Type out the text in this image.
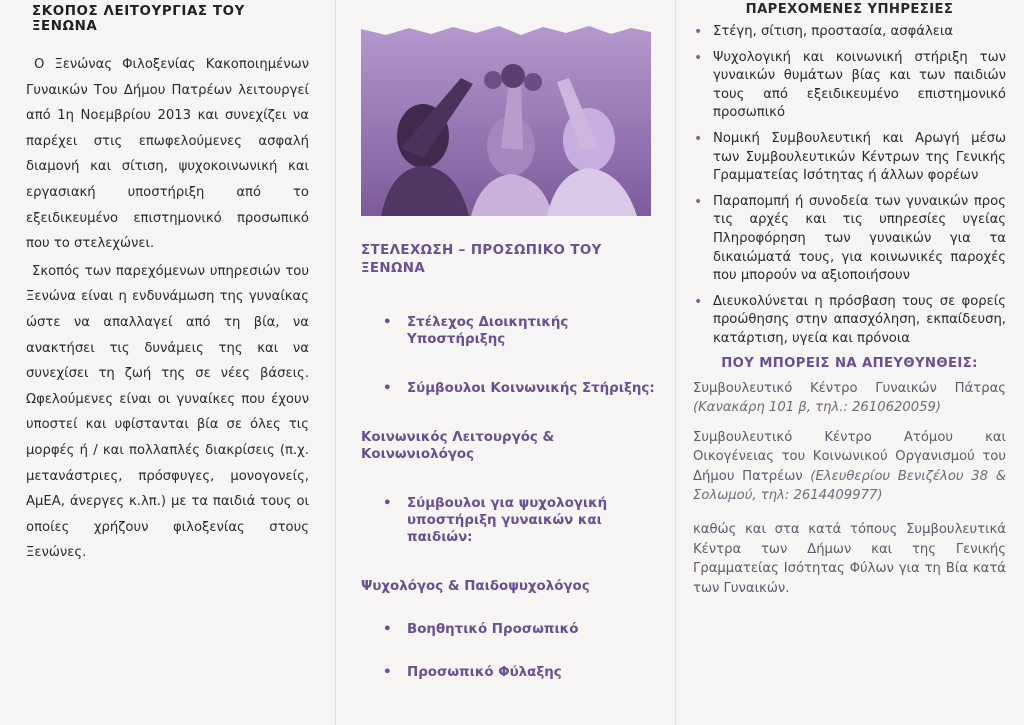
ΣΚΟΠΟΣ ΛΕΙΤΟΥΡΓΙΑΣ ΤΟΥ ΞΕΝΩΝΑ

Ο Ξενώνας Φιλοξενίας Κακοποιημένων Γυναικών Του Δήμου Πατρέων λειτουργεί από 1η Νοεμβρίου 2013 και συνεχίζει να παρέχει στις επωφελούμενες ασφαλή διαμονή και σίτιση, ψυχοκοινωνική και εργασιακή υποστήριξη από το εξειδικευμένο επιστημονικό προσωπικό που το στελεχώνει.

Σκοπός των παρεχόμενων υπηρεσιών του Ξενώνα είναι η ενδυνάμωση της γυναίκας ώστε να απαλλαγεί από τη βία, να ανακτήσει τις δυνάμεις της και να συνεχίσει τη ζωή της σε νέες βάσεις. Ωφελούμενες είναι οι γυναίκες που έχουν υποστεί και υφίστανται βία σε όλες τις μορφές ή / και πολλαπλές διακρίσεις (π.χ. μετανάστριες, πρόσφυγες, μονογονείς, ΑμΕΑ, άνεργες κ.λπ.) με τα παιδιά τους οι οποίες χρήζουν φιλοξενίας στους Ξενώνες.

ΣΤΕΛΕΧΩΣΗ – ΠΡΟΣΩΠΙΚΟ ΤΟΥ ΞΕΝΩΝΑ
• Στέλεχος Διοικητικής Υποστήριξης
• Σύμβουλοι Κοινωνικής Στήριξης:
Κοινωνικός Λειτουργός & Κοινωνιολόγος
• Σύμβουλοι για ψυχολογική υποστήριξη γυναικών και παιδιών:
Ψυχολόγος & Παιδοψυχολόγος
• Βοηθητικό Προσωπικό
• Προσωπικό Φύλαξης
ΠΑΡΕΧΟΜΕΝΕΣ ΥΠΗΡΕΣΙΕΣ
• Στέγη, σίτιση, προστασία, ασφάλεια
• Ψυχολογική και κοινωνική στήριξη των γυναικών θυμάτων βίας και των παιδιών τους από εξειδικευμένο επιστημονικό προσωπικό
• Νομική Συμβουλευτική και Αρωγή μέσω των Συμβουλευτικών Κέντρων της Γενικής Γραμματείας Ισότητας ή άλλων φορέων
• Παραπομπή ή συνοδεία των γυναικών προς τις αρχές και τις υπηρεσίες υγείας Πληροφόρηση των γυναικών για τα δικαιώματά τους, για κοινωνικές παροχές που μπορούν να αξιοποιήσουν
• Διευκολύνεται η πρόσβαση τους σε φορείς προώθησης στην απασχόληση, εκπαίδευση, κατάρτιση, υγεία και πρόνοια
ΠΟΥ ΜΠΟΡΕΙΣ ΝΑ ΑΠΕΥΘΥΝΘΕΙΣ:

Συμβουλευτικό Κέντρο Γυναικών Πάτρας (Κανακάρη 101 β, τηλ.: 2610620059)

Συμβουλευτικό Κέντρο Ατόμου και Οικογένειας του Κοινωνικού Οργανισμού του Δήμου Πατρέων (Ελευθερίου Βενιζέλου 38 & Σολωμού, τηλ: 2614409977)

καθώς και στα κατά τόπους Συμβουλευτικά Κέντρα των Δήμων και της Γενικής Γραμματείας Ισότητας Φύλων για τη Βία κατά των Γυναικών.
